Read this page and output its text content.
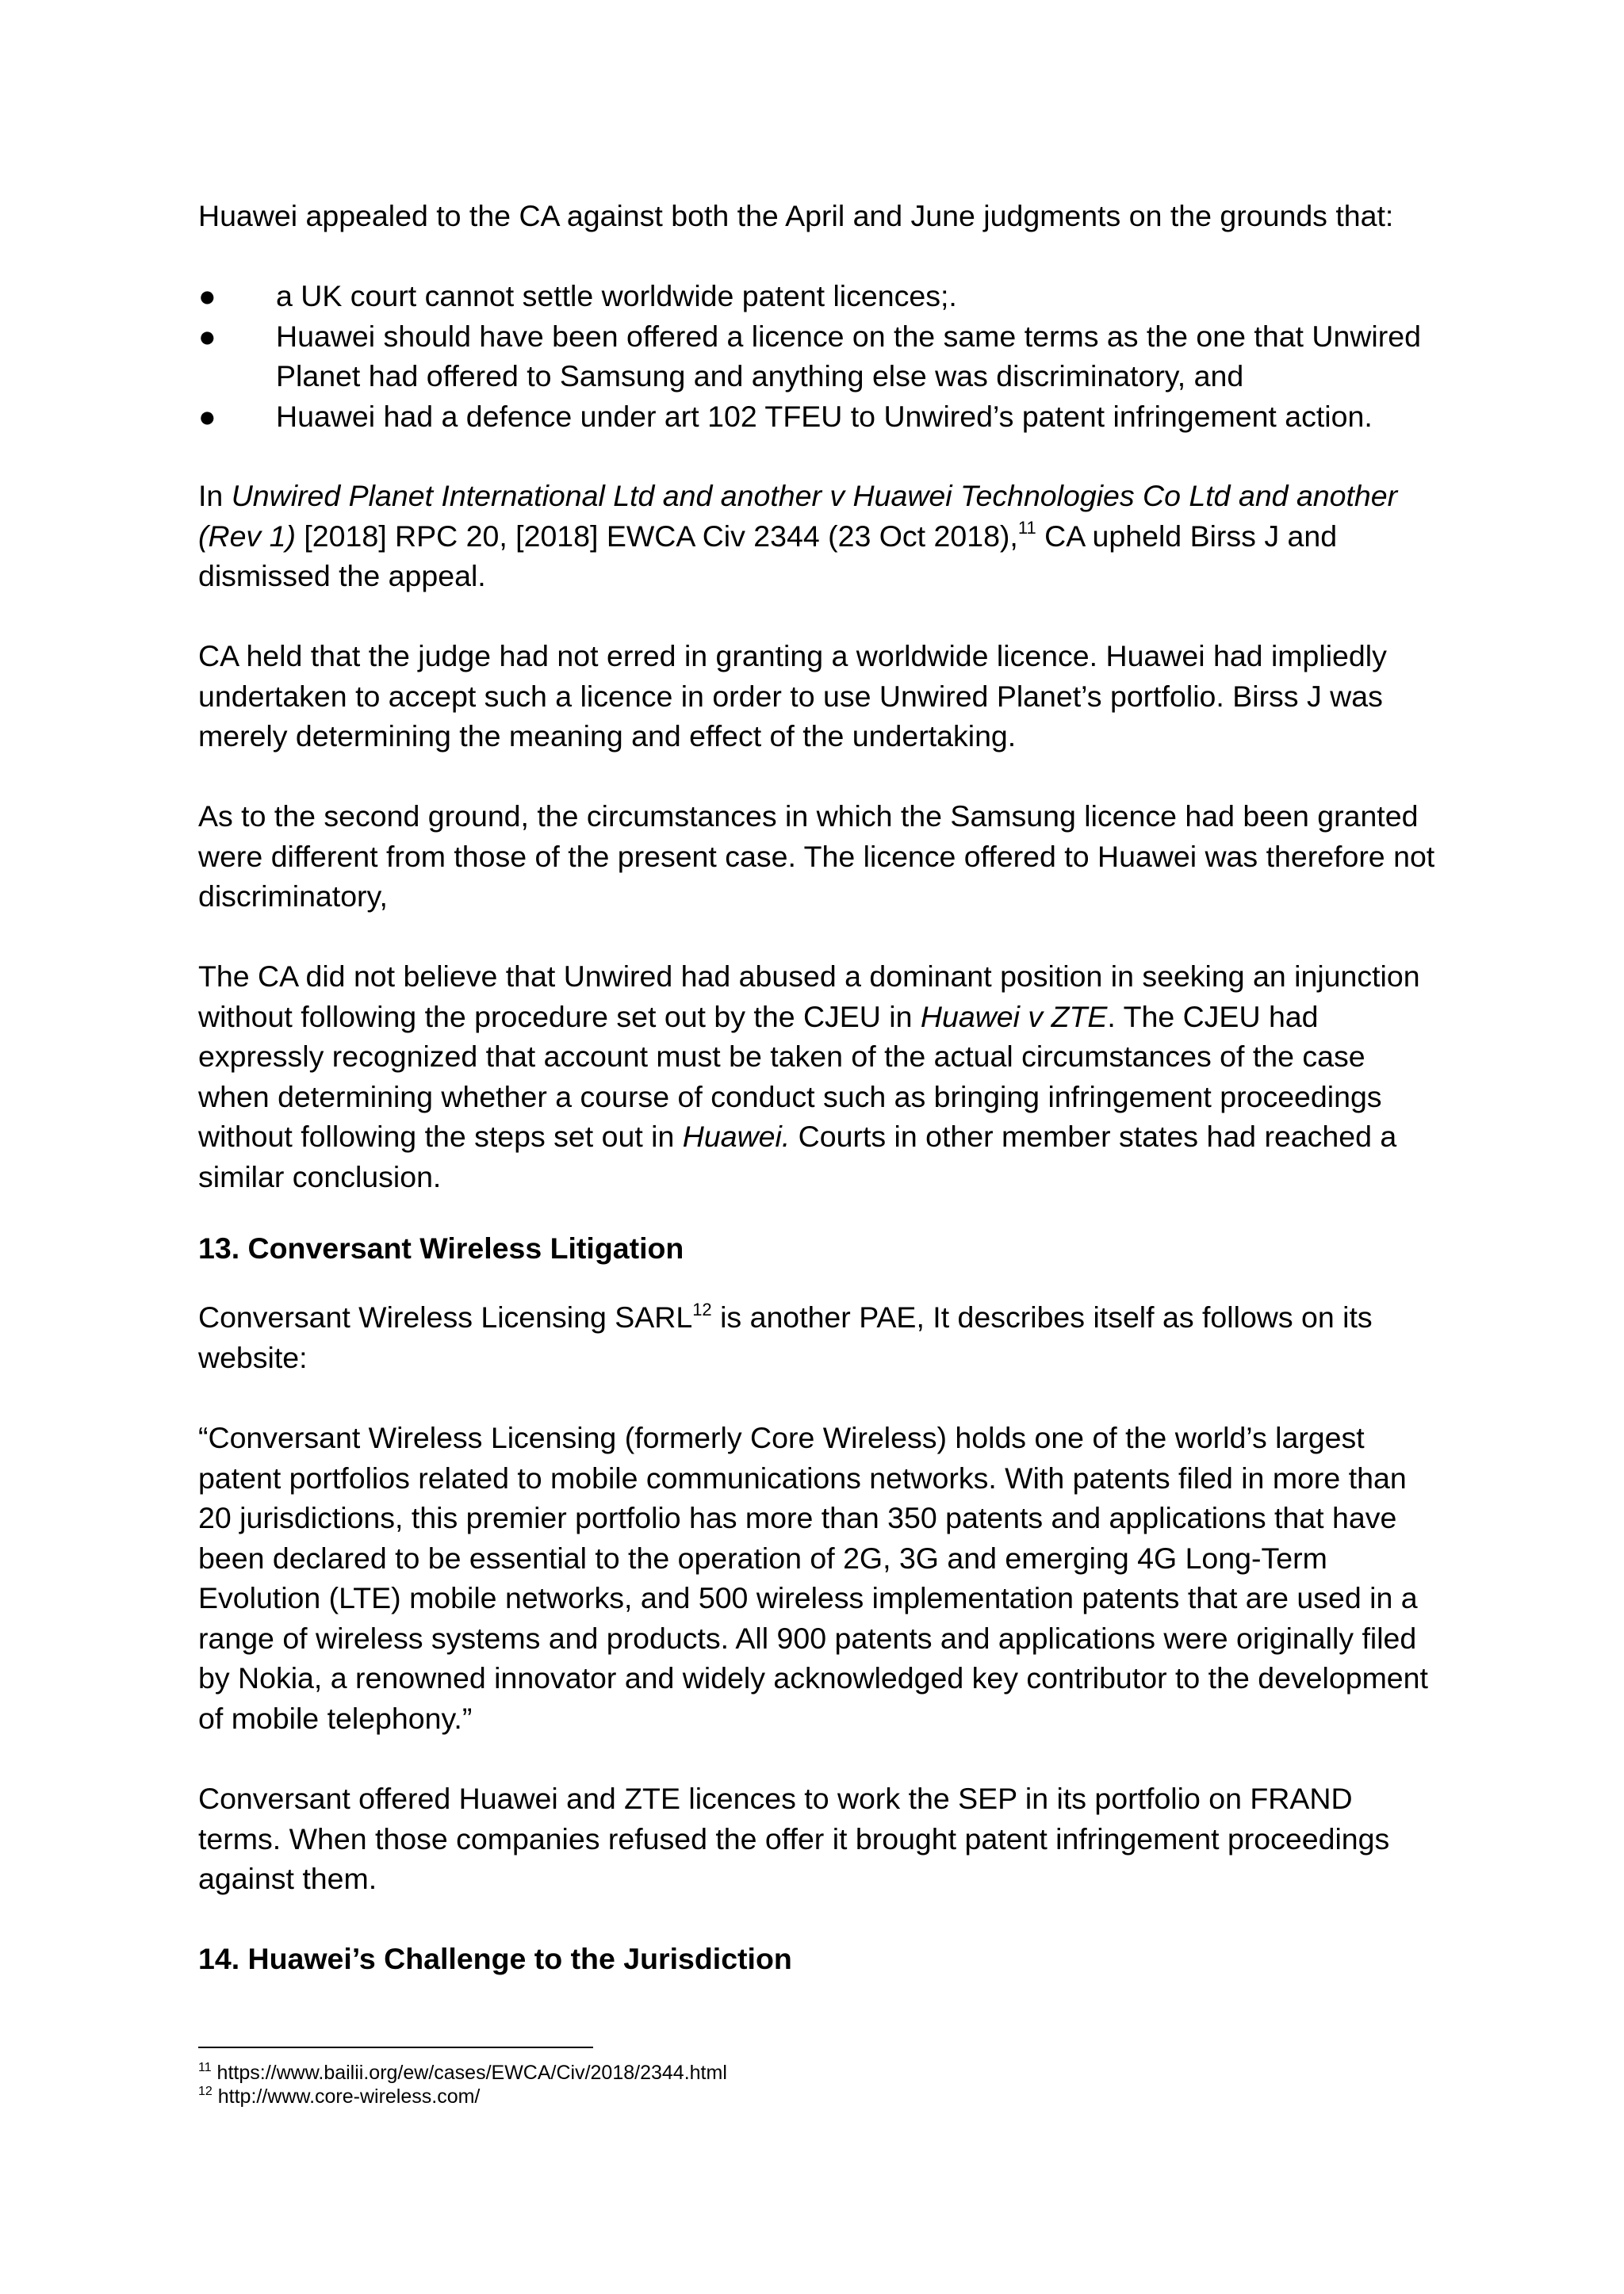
Huawei appealed to the CA against both the April and June judgments on the grounds that:

● a UK court cannot settle worldwide patent licences;.
● Huawei should have been offered a licence on the same terms as the one that Unwired Planet had offered to Samsung and anything else was discriminatory, and
● Huawei had a defence under art 102 TFEU to Unwired’s patent infringement action.

In Unwired Planet International Ltd and another v Huawei Technologies Co Ltd and another (Rev 1) [2018] RPC 20, [2018] EWCA Civ 2344 (23 Oct 2018),$^{11}$ CA upheld Birss J and dismissed the appeal.

CA held that the judge had not erred in granting a worldwide licence. Huawei had impliedly undertaken to accept such a licence in order to use Unwired Planet’s portfolio. Birss J was merely determining the meaning and effect of the undertaking.

As to the second ground, the circumstances in which the Samsung licence had been granted were different from those of the present case. The licence offered to Huawei was therefore not discriminatory,

The CA did not believe that Unwired had abused a dominant position in seeking an injunction without following the procedure set out by the CJEU in Huawei v ZTE. The CJEU had expressly recognized that account must be taken of the actual circumstances of the case when determining whether a course of conduct such as bringing infringement proceedings without following the steps set out in Huawei. Courts in other member states had reached a similar conclusion.

13. Conversant Wireless Litigation

Conversant Wireless Licensing SARL$^{12}$ is another PAE, It describes itself as follows on its website:

“Conversant Wireless Licensing (formerly Core Wireless) holds one of the world’s largest patent portfolios related to mobile communications networks. With patents filed in more than 20 jurisdictions, this premier portfolio has more than 350 patents and applications that have been declared to be essential to the operation of 2G, 3G and emerging 4G Long-Term Evolution (LTE) mobile networks, and 500 wireless implementation patents that are used in a range of wireless systems and products. All 900 patents and applications were originally filed by Nokia, a renowned innovator and widely acknowledged key contributor to the development of mobile telephony.”

Conversant offered Huawei and ZTE licences to work the SEP in its portfolio on FRAND terms. When those companies refused the offer it brought patent infringement proceedings against them.

14. Huawei’s Challenge to the Jurisdiction

$^{11}$ https://www.bailii.org/ew/cases/EWCA/Civ/2018/2344.html
$^{12}$ http://www.core-wireless.com/
